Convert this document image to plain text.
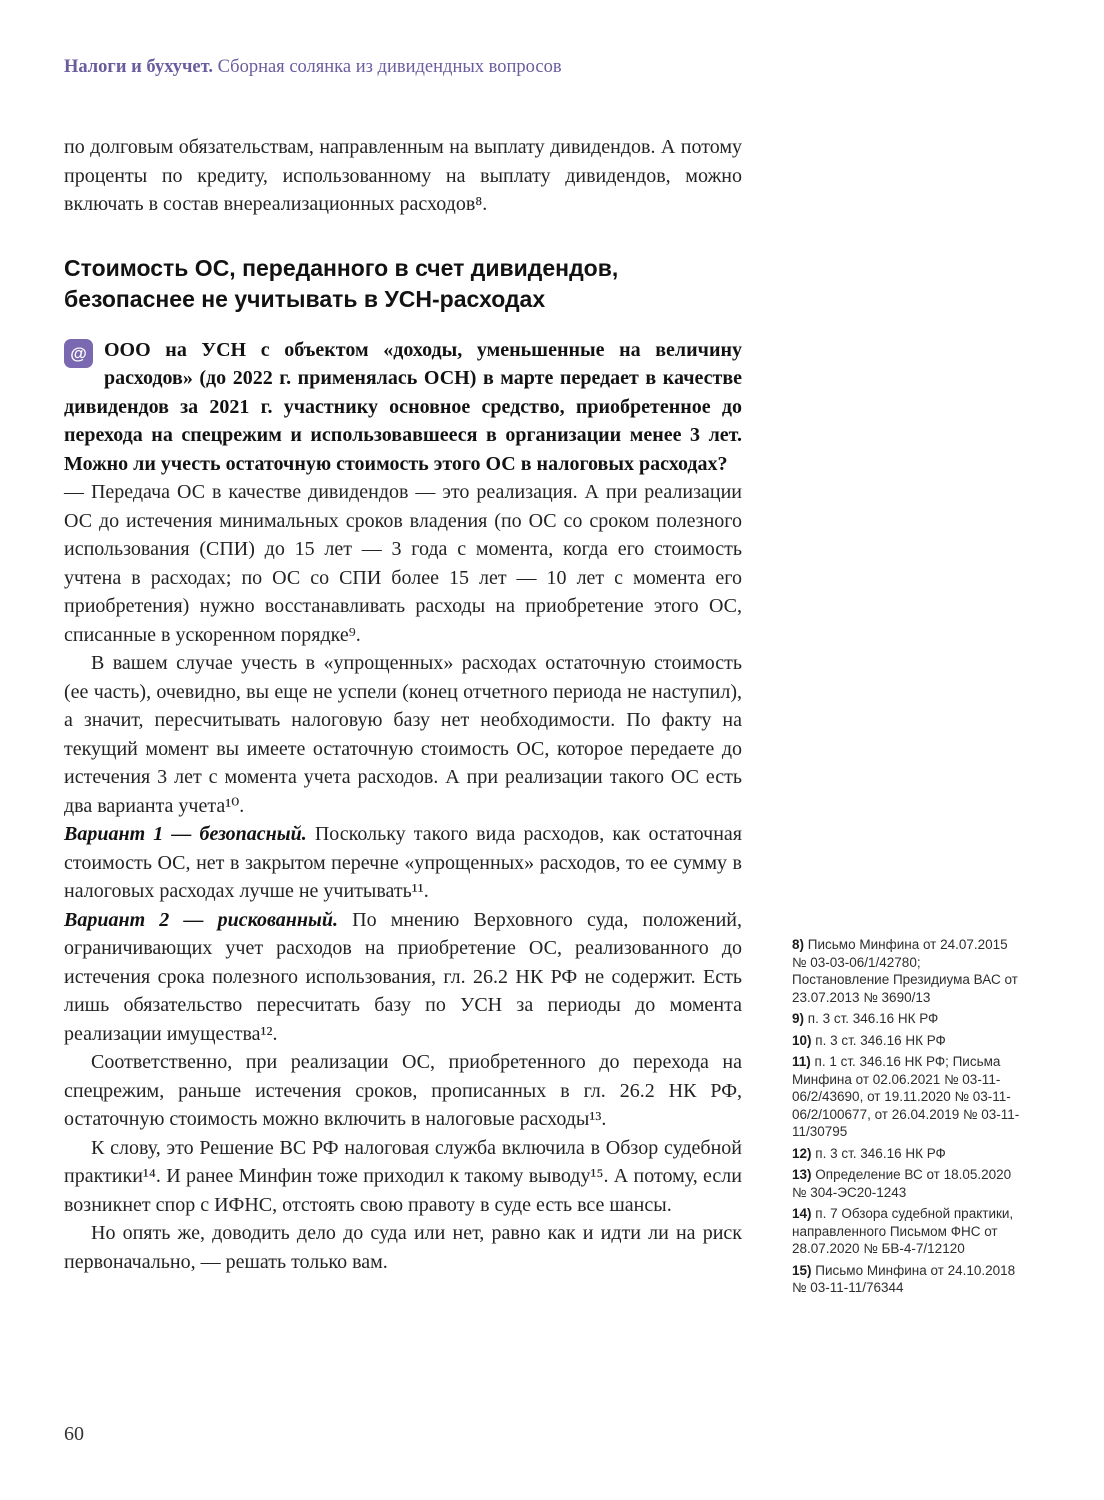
Налоги и бухучет. Сборная солянка из дивидендных вопросов

по долговым обязательствам, направленным на выплату дивидендов. А потому проценты по кредиту, использованному на выплату дивидендов, можно включать в состав внереализационных расходов⁸.

Стоимость ОС, переданного в счет дивидендов, безопаснее не учитывать в УСН-расходах
@ ООО на УСН с объектом «доходы, уменьшенные на величину расходов» (до 2022 г. применялась ОСН) в марте передает в качестве дивидендов за 2021 г. участнику основное средство, приобретенное до перехода на спецрежим и использовавшееся в организации менее 3 лет. Можно ли учесть остаточную стоимость этого ОС в налоговых расходах?

— Передача ОС в качестве дивидендов — это реализация. А при реализации ОС до истечения минимальных сроков владения (по ОС со сроком полезного использования (СПИ) до 15 лет — 3 года с момента, когда его стоимость учтена в расходах; по ОС со СПИ более 15 лет — 10 лет с момента его приобретения) нужно восстанавливать расходы на приобретение этого ОС, списанные в ускоренном порядке⁹.

В вашем случае учесть в «упрощенных» расходах остаточную стоимость (ее часть), очевидно, вы еще не успели (конец отчетного периода не наступил), а значит, пересчитывать налоговую базу нет необходимости. По факту на текущий момент вы имеете остаточную стоимость ОС, которое передаете до истечения 3 лет с момента учета расходов. А при реализации такого ОС есть два варианта учета¹⁰.

Вариант 1 — безопасный. Поскольку такого вида расходов, как остаточная стоимость ОС, нет в закрытом перечне «упрощенных» расходов, то ее сумму в налоговых расходах лучше не учитывать¹¹.

Вариант 2 — рискованный. По мнению Верховного суда, положений, ограничивающих учет расходов на приобретение ОС, реализованного до истечения срока полезного использования, гл. 26.2 НК РФ не содержит. Есть лишь обязательство пересчитать базу по УСН за периоды до момента реализации имущества¹².

Соответственно, при реализации ОС, приобретенного до перехода на спецрежим, раньше истечения сроков, прописанных в гл. 26.2 НК РФ, остаточную стоимость можно включить в налоговые расходы¹³.

К слову, это Решение ВС РФ налоговая служба включила в Обзор судебной практики¹⁴. И ранее Минфин тоже приходил к такому выводу¹⁵. А потому, если возникнет спор с ИФНС, отстоять свою правоту в суде есть все шансы.

Но опять же, доводить дело до суда или нет, равно как и идти ли на риск первоначально, — решать только вам.

8) Письмо Минфина от 24.07.2015 № 03-03-06/1/42780; Постановление Президиума ВАС от 23.07.2013 № 3690/13

9) п. 3 ст. 346.16 НК РФ

10) п. 3 ст. 346.16 НК РФ

11) п. 1 ст. 346.16 НК РФ; Письма Минфина от 02.06.2021 № 03-11-06/2/43690, от 19.11.2020 № 03-11-06/2/100677, от 26.04.2019 № 03-11-11/30795

12) п. 3 ст. 346.16 НК РФ

13) Определение ВС от 18.05.2020 № 304-ЭС20-1243

14) п. 7 Обзора судебной практики, направленного Письмом ФНС от 28.07.2020 № БВ-4-7/12120

15) Письмо Минфина от 24.10.2018 № 03-11-11/76344

60
